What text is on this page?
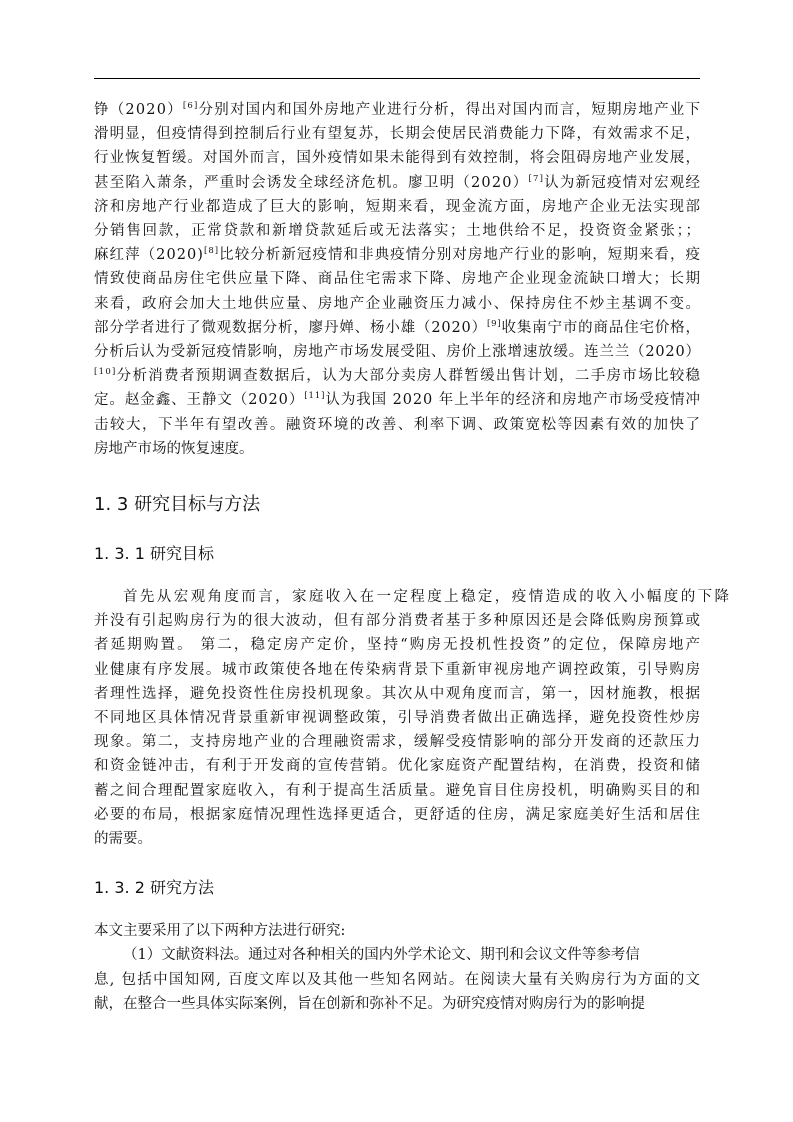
铮（2020）[6]分别对国内和国外房地产业进行分析，得出对国内而言，短期房地产业下
滑明显，但疫情得到控制后行业有望复苏，长期会使居民消费能力下降，有效需求不足，
行业恢复暂缓。对国外而言，国外疫情如果未能得到有效控制，将会阻碍房地产业发展，
甚至陷入萧条，严重时会诱发全球经济危机。廖卫明（2020）[7]认为新冠疫情对宏观经
济和房地产行业都造成了巨大的影响，短期来看，现金流方面，房地产企业无法实现部
分销售回款，正常贷款和新增贷款延后或无法落实；土地供给不足，投资资金紧张；；
麻红萍（2020)[8]比较分析新冠疫情和非典疫情分别对房地产行业的影响，短期来看，疫
情致使商品房住宅供应量下降、商品住宅需求下降、房地产企业现金流缺口增大；长期
来看，政府会加大土地供应量、房地产企业融资压力减小、保持房住不炒主基调不变。
部分学者进行了微观数据分析，廖丹婵、杨小雄（2020）[9]收集南宁市的商品住宅价格，
分析后认为受新冠疫情影响，房地产市场发展受阻、房价上涨增速放缓。连兰兰（2020）
[10]分析消费者预期调查数据后，认为大部分卖房人群暂缓出售计划，二手房市场比较稳
定。赵金鑫、王静文（2020）[11]认为我国 2020 年上半年的经济和房地产市场受疫情冲
击较大，下半年有望改善。融资环境的改善、利率下调、政策宽松等因素有效的加快了
房地产市场的恢复速度。

1. 3 研究目标与方法
1. 3. 1 研究目标

首先从宏观角度而言，家庭收入在一定程度上稳定，疫情造成的收入小幅度的下降
并没有引起购房行为的很大波动，但有部分消费者基于多种原因还是会降低购房预算或
者延期购置。 第二，稳定房产定价，坚持“购房无投机性投资”的定位，保障房地产
业健康有序发展。城市政策使各地在传染病背景下重新审视房地产调控政策，引导购房
者理性选择，避免投资性住房投机现象。其次从中观角度而言，第一，因材施教，根据
不同地区具体情况背景重新审视调整政策，引导消费者做出正确选择，避免投资性炒房
现象。第二，支持房地产业的合理融资需求，缓解受疫情影响的部分开发商的还款压力
和资金链冲击，有利于开发商的宣传营销。优化家庭资产配置结构，在消费，投资和储
蓄之间合理配置家庭收入，有利于提高生活质量。避免盲目住房投机，明确购买目的和
必要的布局，根据家庭情况理性选择更适合，更舒适的住房，满足家庭美好生活和居住
的需要。

1. 3. 2 研究方法

本文主要采用了以下两种方法进行研究:
（1）文献资料法。通过对各种相关的国内外学术论文、期刊和会议文件等参考信
息, 包括中国知网, 百度文库以及其他一些知名网站。在阅读大量有关购房行为方面的文
献，在整合一些具体实际案例，旨在创新和弥补不足。为研究疫情对购房行为的影响提
